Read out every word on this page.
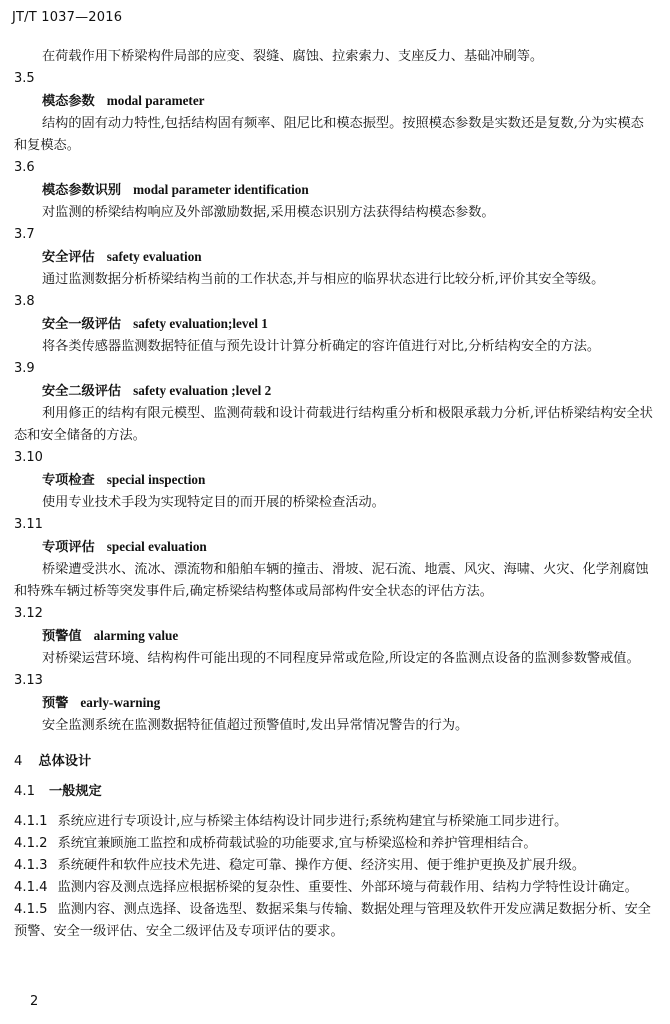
JT/T 1037—2016

在荷载作用下桥梁构件局部的应变、裂缝、腐蚀、拉索索力、支座反力、基础冲刷等。

3.5

模态参数 modal parameter

结构的固有动力特性,包括结构固有频率、阻尼比和模态振型。按照模态参数是实数还是复数,分为实模态和复模态。

3.6

模态参数识别 modal parameter identification

对监测的桥梁结构响应及外部激励数据,采用模态识别方法获得结构模态参数。

3.7

安全评估 safety evaluation

通过监测数据分析桥梁结构当前的工作状态,并与相应的临界状态进行比较分析,评价其安全等级。

3.8

安全一级评估 safety evaluation;level 1

将各类传感器监测数据特征值与预先设计计算分析确定的容许值进行对比,分析结构安全的方法。

3.9

安全二级评估 safety evaluation ;level 2

利用修正的结构有限元模型、监测荷载和设计荷载进行结构重分析和极限承载力分析,评估桥梁结构安全状态和安全储备的方法。

3.10

专项检查 special inspection

使用专业技术手段为实现特定目的而开展的桥梁检查活动。

3.11

专项评估 special evaluation

桥梁遭受洪水、流冰、漂流物和船舶车辆的撞击、滑坡、泥石流、地震、风灾、海啸、火灾、化学剂腐蚀和特殊车辆过桥等突发事件后,确定桥梁结构整体或局部构件安全状态的评估方法。

3.12

预警值 alarming value

对桥梁运营环境、结构构件可能出现的不同程度异常或危险,所设定的各监测点设备的监测参数警戒值。

3.13

预警 early-warning

安全监测系统在监测数据特征值超过预警值时,发出异常情况警告的行为。

4 总体设计

4.1 一般规定

4.1.1 系统应进行专项设计,应与桥梁主体结构设计同步进行;系统构建宜与桥梁施工同步进行。

4.1.2 系统宜兼顾施工监控和成桥荷载试验的功能要求,宜与桥梁巡检和养护管理相结合。

4.1.3 系统硬件和软件应技术先进、稳定可靠、操作方便、经济实用、便于维护更换及扩展升级。

4.1.4 监测内容及测点选择应根据桥梁的复杂性、重要性、外部环境与荷载作用、结构力学特性设计确定。

4.1.5 监测内容、测点选择、设备选型、数据采集与传输、数据处理与管理及软件开发应满足数据分析、安全预警、安全一级评估、安全二级评估及专项评估的要求。

2
